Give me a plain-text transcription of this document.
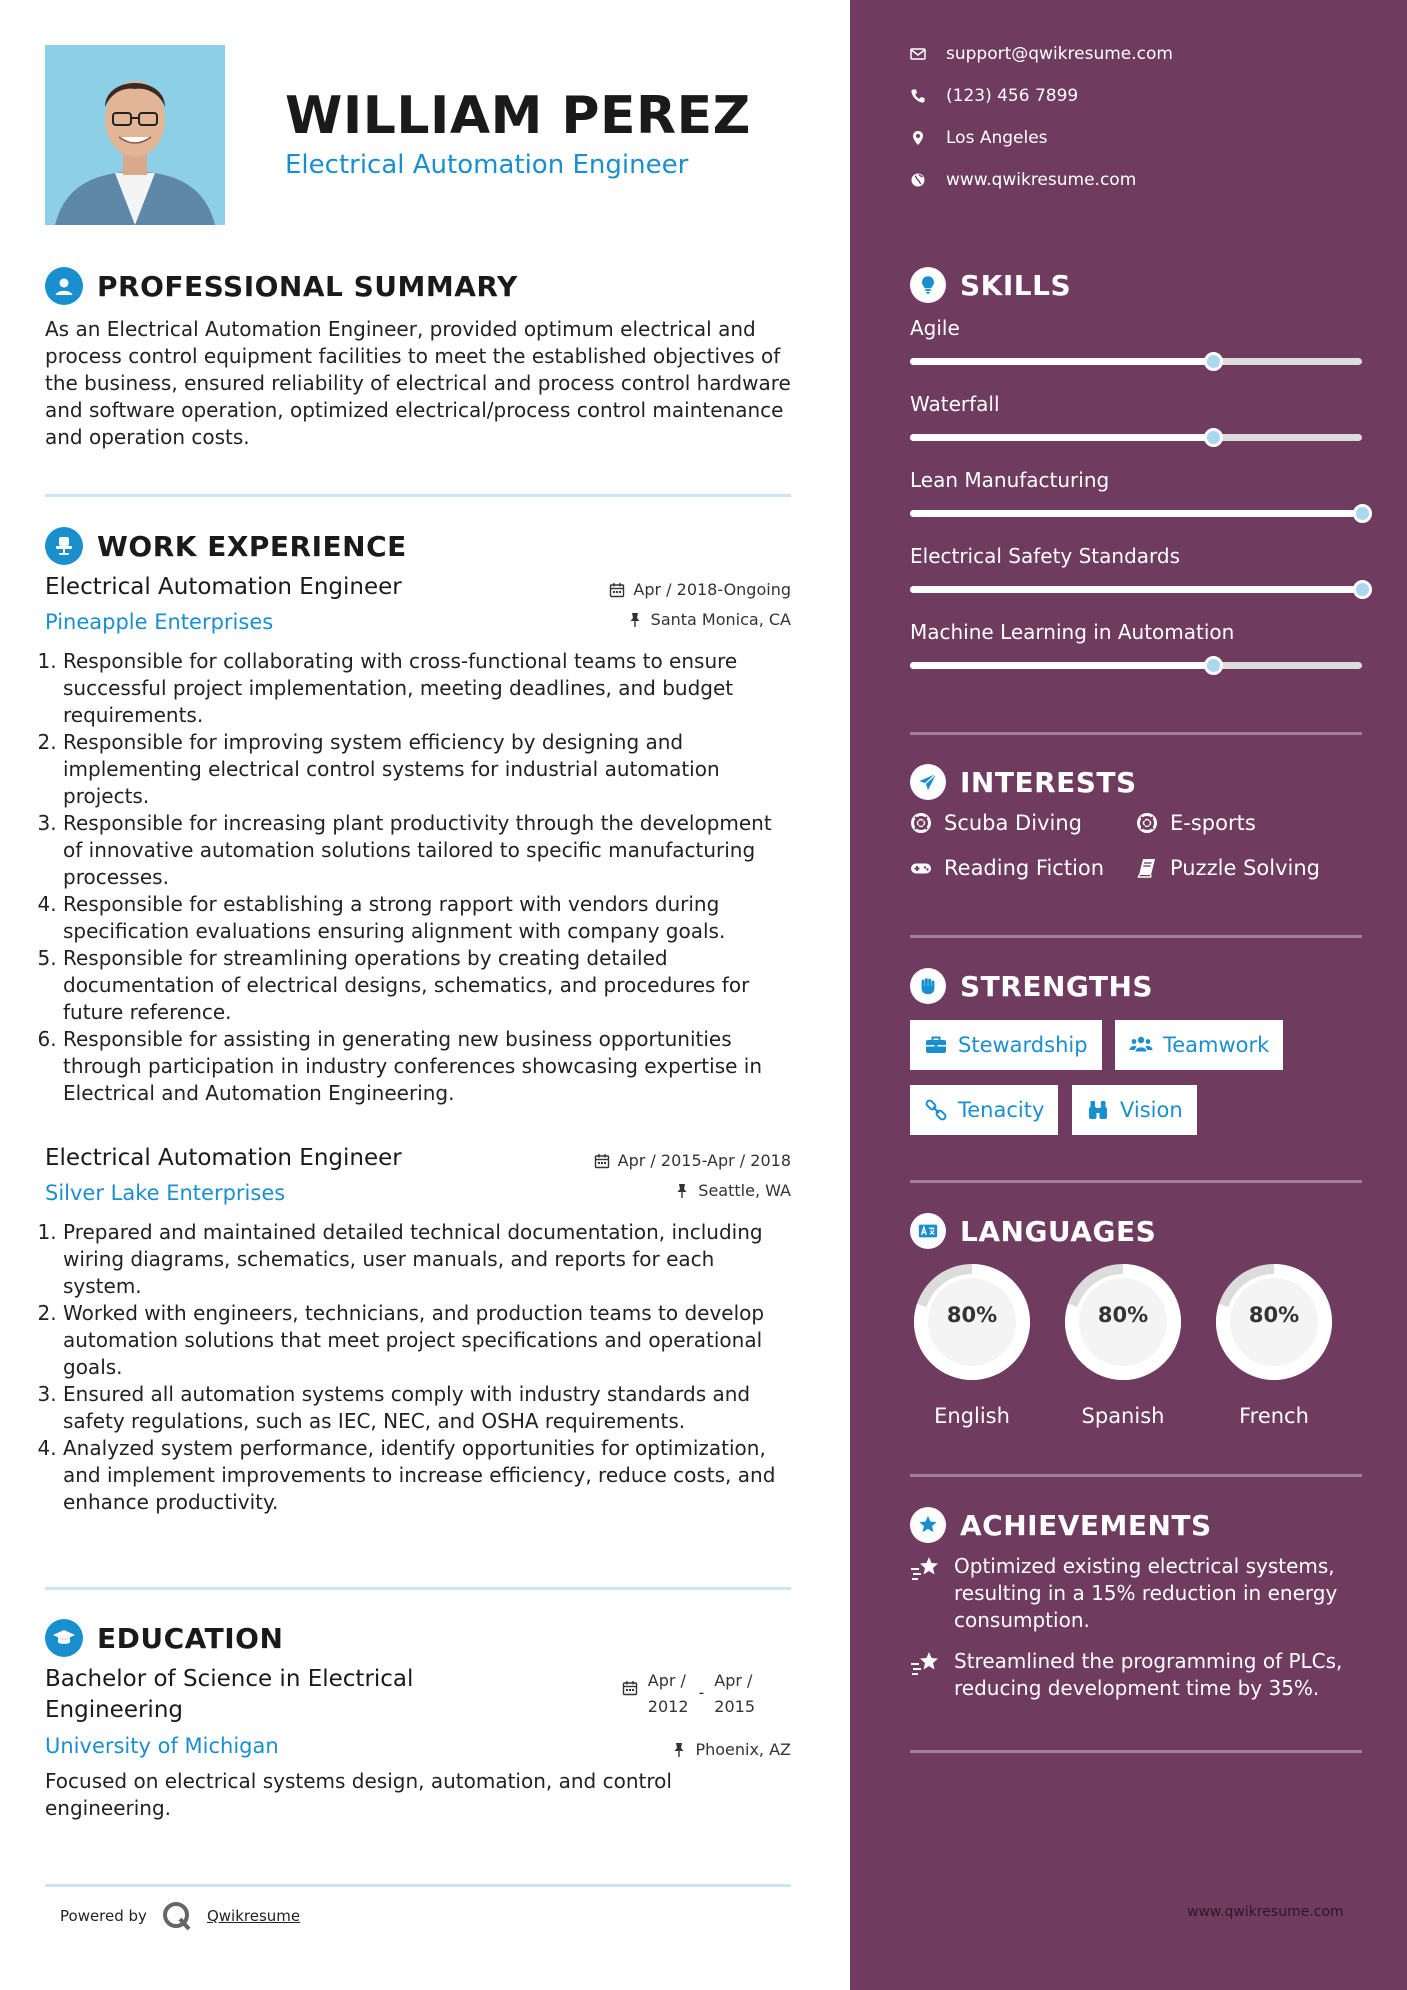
WILLIAM PEREZ
Electrical Automation Engineer
PROFESSIONAL SUMMARY
As an Electrical Automation Engineer, provided optimum electrical and process control equipment facilities to meet the established objectives of the business, ensured reliability of electrical and process control hardware and software operation, optimized electrical/process control maintenance and operation costs.
WORK EXPERIENCE
Electrical Automation Engineer	Apr / 2018-Ongoing
Pineapple Enterprises	Santa Monica, CA
1. Responsible for collaborating with cross-functional teams to ensure successful project implementation, meeting deadlines, and budget requirements.
2. Responsible for improving system efficiency by designing and implementing electrical control systems for industrial automation projects.
3. Responsible for increasing plant productivity through the development of innovative automation solutions tailored to specific manufacturing processes.
4. Responsible for establishing a strong rapport with vendors during specification evaluations ensuring alignment with company goals.
5. Responsible for streamlining operations by creating detailed documentation of electrical designs, schematics, and procedures for future reference.
6. Responsible for assisting in generating new business opportunities through participation in industry conferences showcasing expertise in Electrical and Automation Engineering.
Electrical Automation Engineer	Apr / 2015-Apr / 2018
Silver Lake Enterprises	Seattle, WA
1. Prepared and maintained detailed technical documentation, including wiring diagrams, schematics, user manuals, and reports for each system.
2. Worked with engineers, technicians, and production teams to develop automation solutions that meet project specifications and operational goals.
3. Ensured all automation systems comply with industry standards and safety regulations, such as IEC, NEC, and OSHA requirements.
4. Analyzed system performance, identify opportunities for optimization, and implement improvements to increase efficiency, reduce costs, and enhance productivity.
EDUCATION
Bachelor of Science in Electrical Engineering
Apr /
2012
-
Apr /
2015
University of Michigan	Phoenix, AZ
Focused on electrical systems design, automation, and control engineering.
Powered by	Qwikresume
support@qwikresume.com
(123) 456 7899
Los Angeles
www.qwikresume.com
SKILLS
Agile
Waterfall
Lean Manufacturing
Electrical Safety Standards
Machine Learning in Automation
INTERESTS
Scuba Diving	E-sports
Reading Fiction	Puzzle Solving
STRENGTHS
Stewardship	Teamwork
Tenacity	Vision
LANGUAGES
80%
English
80%
Spanish
80%
French
ACHIEVEMENTS
Optimized existing electrical systems, resulting in a 15% reduction in energy consumption.
Streamlined the programming of PLCs, reducing development time by 35%.
www.qwikresume.com
